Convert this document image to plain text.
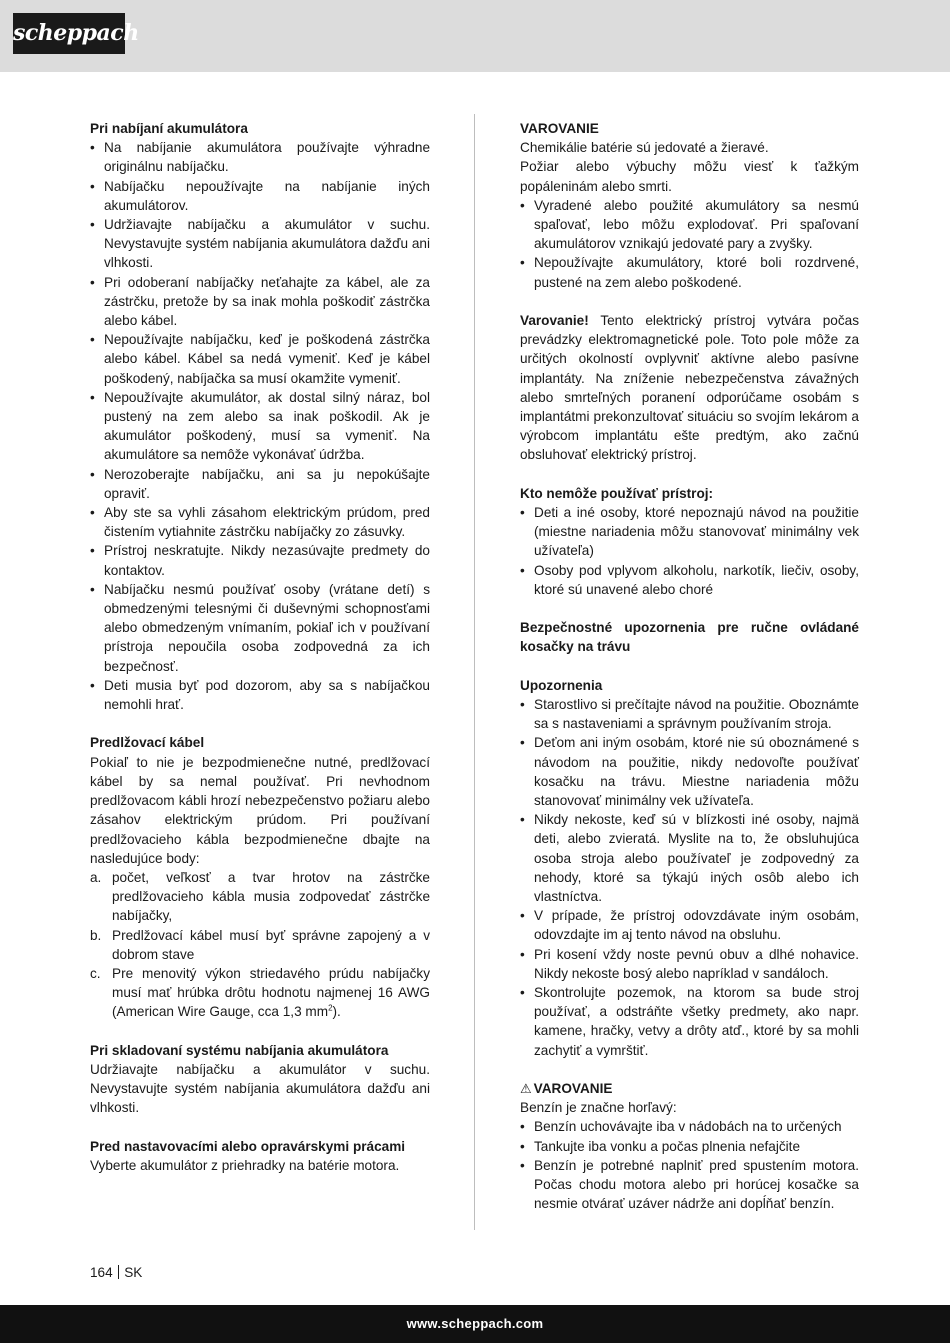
scheppach
Pri nabíjaní akumulátora
• Na nabíjanie akumulátora používajte výhradne originálnu nabíjačku.
• Nabíjačku nepoužívajte na nabíjanie iných akumulátorov.
• Udržiavajte nabíjačku a akumulátor v suchu. Nevystavujte systém nabíjania akumulátora dažďu ani vlhkosti.
• Pri odoberaní nabíjačky neťahajte za kábel, ale za zástrčku, pretože by sa inak mohla poškodiť zástrčka alebo kábel.
• Nepoužívajte nabíjačku, keď je poškodená zástrčka alebo kábel. Kábel sa nedá vymeniť. Keď je kábel poškodený, nabíjačka sa musí okamžite vymeniť.
• Nepoužívajte akumulátor, ak dostal silný náraz, bol pustený na zem alebo sa inak poškodil. Ak je akumulátor poškodený, musí sa vymeniť. Na akumulátore sa nemôže vykonávať údržba.
• Nerozoberajte nabíjačku, ani sa ju nepokúšajte opraviť.
• Aby ste sa vyhli zásahom elektrickým prúdom, pred čistením vytiahnite zástrčku nabíjačky zo zásuvky.
• Prístroj neskratujte. Nikdy nezasúvajte predmety do kontaktov.
• Nabíjačku nesmú používať osoby (vrátane detí) s obmedzenými telesnými či duševnými schopnosťami alebo obmedzeným vnímaním, pokiaľ ich v používaní prístroja nepoučila osoba zodpovedná za ich bezpečnosť.
• Deti musia byť pod dozorom, aby sa s nabíjačkou nemohli hrať.
Predlžovací kábel
Pokiaľ to nie je bezpodmienečne nutné, predlžovací kábel by sa nemal používať. Pri nevhodnom predlžovacom kábli hrozí nebezpečenstvo požiaru alebo zásahov elektrickým prúdom. Pri používaní predlžovacieho kábla bezpodmienečne dbajte na nasledujúce body:
a. počet, veľkosť a tvar hrotov na zástrčke predlžovacieho kábla musia zodpovedať zástrčke nabíjačky,
b. Predlžovací kábel musí byť správne zapojený a v dobrom stave
c. Pre menovitý výkon striedavého prúdu nabíjačky musí mať hrúbka drôtu hodnotu najmenej 16 AWG (American Wire Gauge, cca 1,3 $mm^2$).
Pri skladovaní systému nabíjania akumulátora
Udržiavajte nabíjačku a akumulátor v suchu. Nevystavujte systém nabíjania akumulátora dažďu ani vlhkosti.
Pred nastavovacími alebo opravárskymi prácami
Vyberte akumulátor z priehradky na batérie motora.
VAROVANIE
Chemikálie batérie sú jedovaté a žieravé.
Požiar alebo výbuchy môžu viesť k ťažkým popáleninám alebo smrti.
• Vyradené alebo použité akumulátory sa nesmú spaľovať, lebo môžu explodovať. Pri spaľovaní akumulátorov vznikajú jedovaté pary a zvyšky.
• Nepoužívajte akumulátory, ktoré boli rozdrvené, pustené na zem alebo poškodené.
Varovanie! Tento elektrický prístroj vytvára počas prevádzky elektromagnetické pole. Toto pole môže za určitých okolností ovplyvniť aktívne alebo pasívne implantáty. Na zníženie nebezpečenstva závažných alebo smrteľných poranení odporúčame osobám s implantátmi prekonzultovať situáciu so svojím lekárom a výrobcom implantátu ešte predtým, ako začnú obsluhovať elektrický prístroj.
Kto nemôže používať prístroj:
• Deti a iné osoby, ktoré nepoznajú návod na použitie (miestne nariadenia môžu stanovovať minimálny vek užívateľa)
• Osoby pod vplyvom alkoholu, narkotík, liečiv, osoby, ktoré sú unavené alebo choré
Bezpečnostné upozornenia pre ručne ovládané kosačky na trávu
Upozornenia
• Starostlivo si prečítajte návod na použitie. Oboznámte sa s nastaveniami a správnym používaním stroja.
• Deťom ani iným osobám, ktoré nie sú oboznámené s návodom na použitie, nikdy nedovoľte používať kosačku na trávu. Miestne nariadenia môžu stanovovať minimálny vek užívateľa.
• Nikdy nekoste, keď sú v blízkosti iné osoby, najmä deti, alebo zvieratá. Myslite na to, že obsluhujúca osoba stroja alebo používateľ je zodpovedný za nehody, ktoré sa týkajú iných osôb alebo ich vlastníctva.
• V prípade, že prístroj odovzdávate iným osobám, odovzdajte im aj tento návod na obsluhu.
• Pri kosení vždy noste pevnú obuv a dlhé nohavice. Nikdy nekoste bosý alebo napríklad v sandáloch.
• Skontrolujte pozemok, na ktorom sa bude stroj používať, a odstráňte všetky predmety, ako napr. kamene, hračky, vetvy a drôty atď., ktoré by sa mohli zachytiť a vymrštiť.
⚠ VAROVANIE
Benzín je značne horľavý:
• Benzín uchovávajte iba v nádobách na to určených
• Tankujte iba vonku a počas plnenia nefajčite
• Benzín je potrebné naplniť pred spustením motora. Počas chodu motora alebo pri horúcej kosačke sa nesmie otvárať uzáver nádrže ani dopĺňať benzín.
164 SK
www.scheppach.com
